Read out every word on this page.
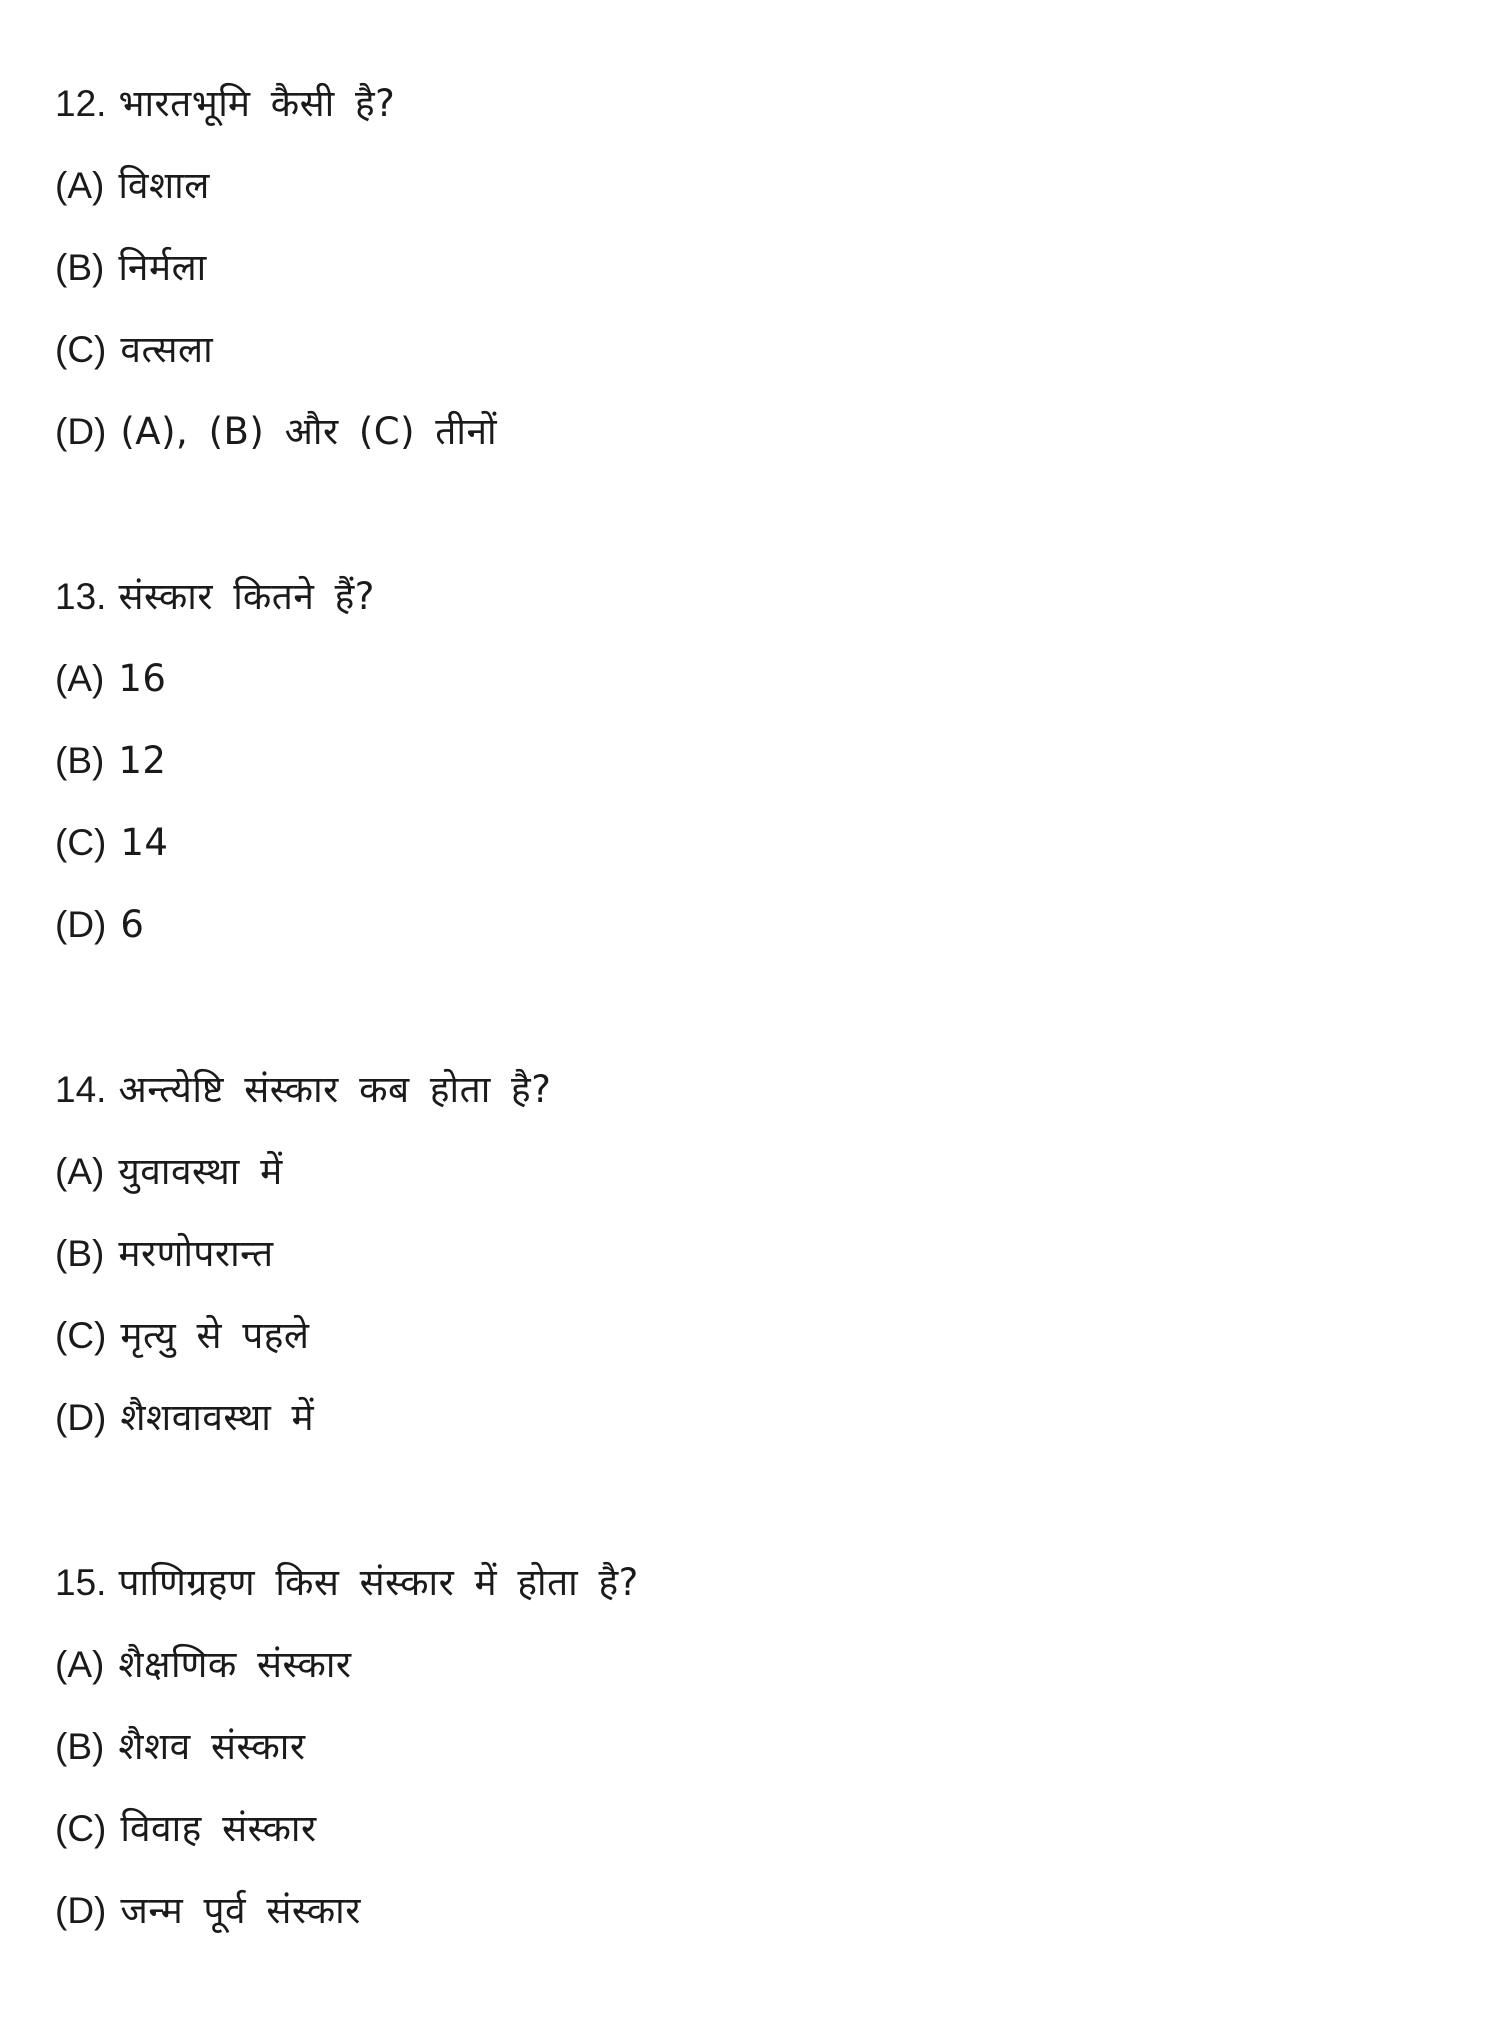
12. भारतभूमि कैसी है?
(A) विशाल
(B) निर्मला
(C) वत्सला
(D) (A), (B) और (C) तीनों
13. संस्कार कितने हैं?
(A) 16
(B) 12
(C) 14
(D) 6
14. अन्त्येष्टि संस्कार कब होता है?
(A) युवावस्था में
(B) मरणोपरान्त
(C) मृत्यु से पहले
(D) शैशवावस्था में
15. पाणिग्रहण किस संस्कार में होता है?
(A) शैक्षणिक संस्कार
(B) शैशव संस्कार
(C) विवाह संस्कार
(D) जन्म पूर्व संस्कार
